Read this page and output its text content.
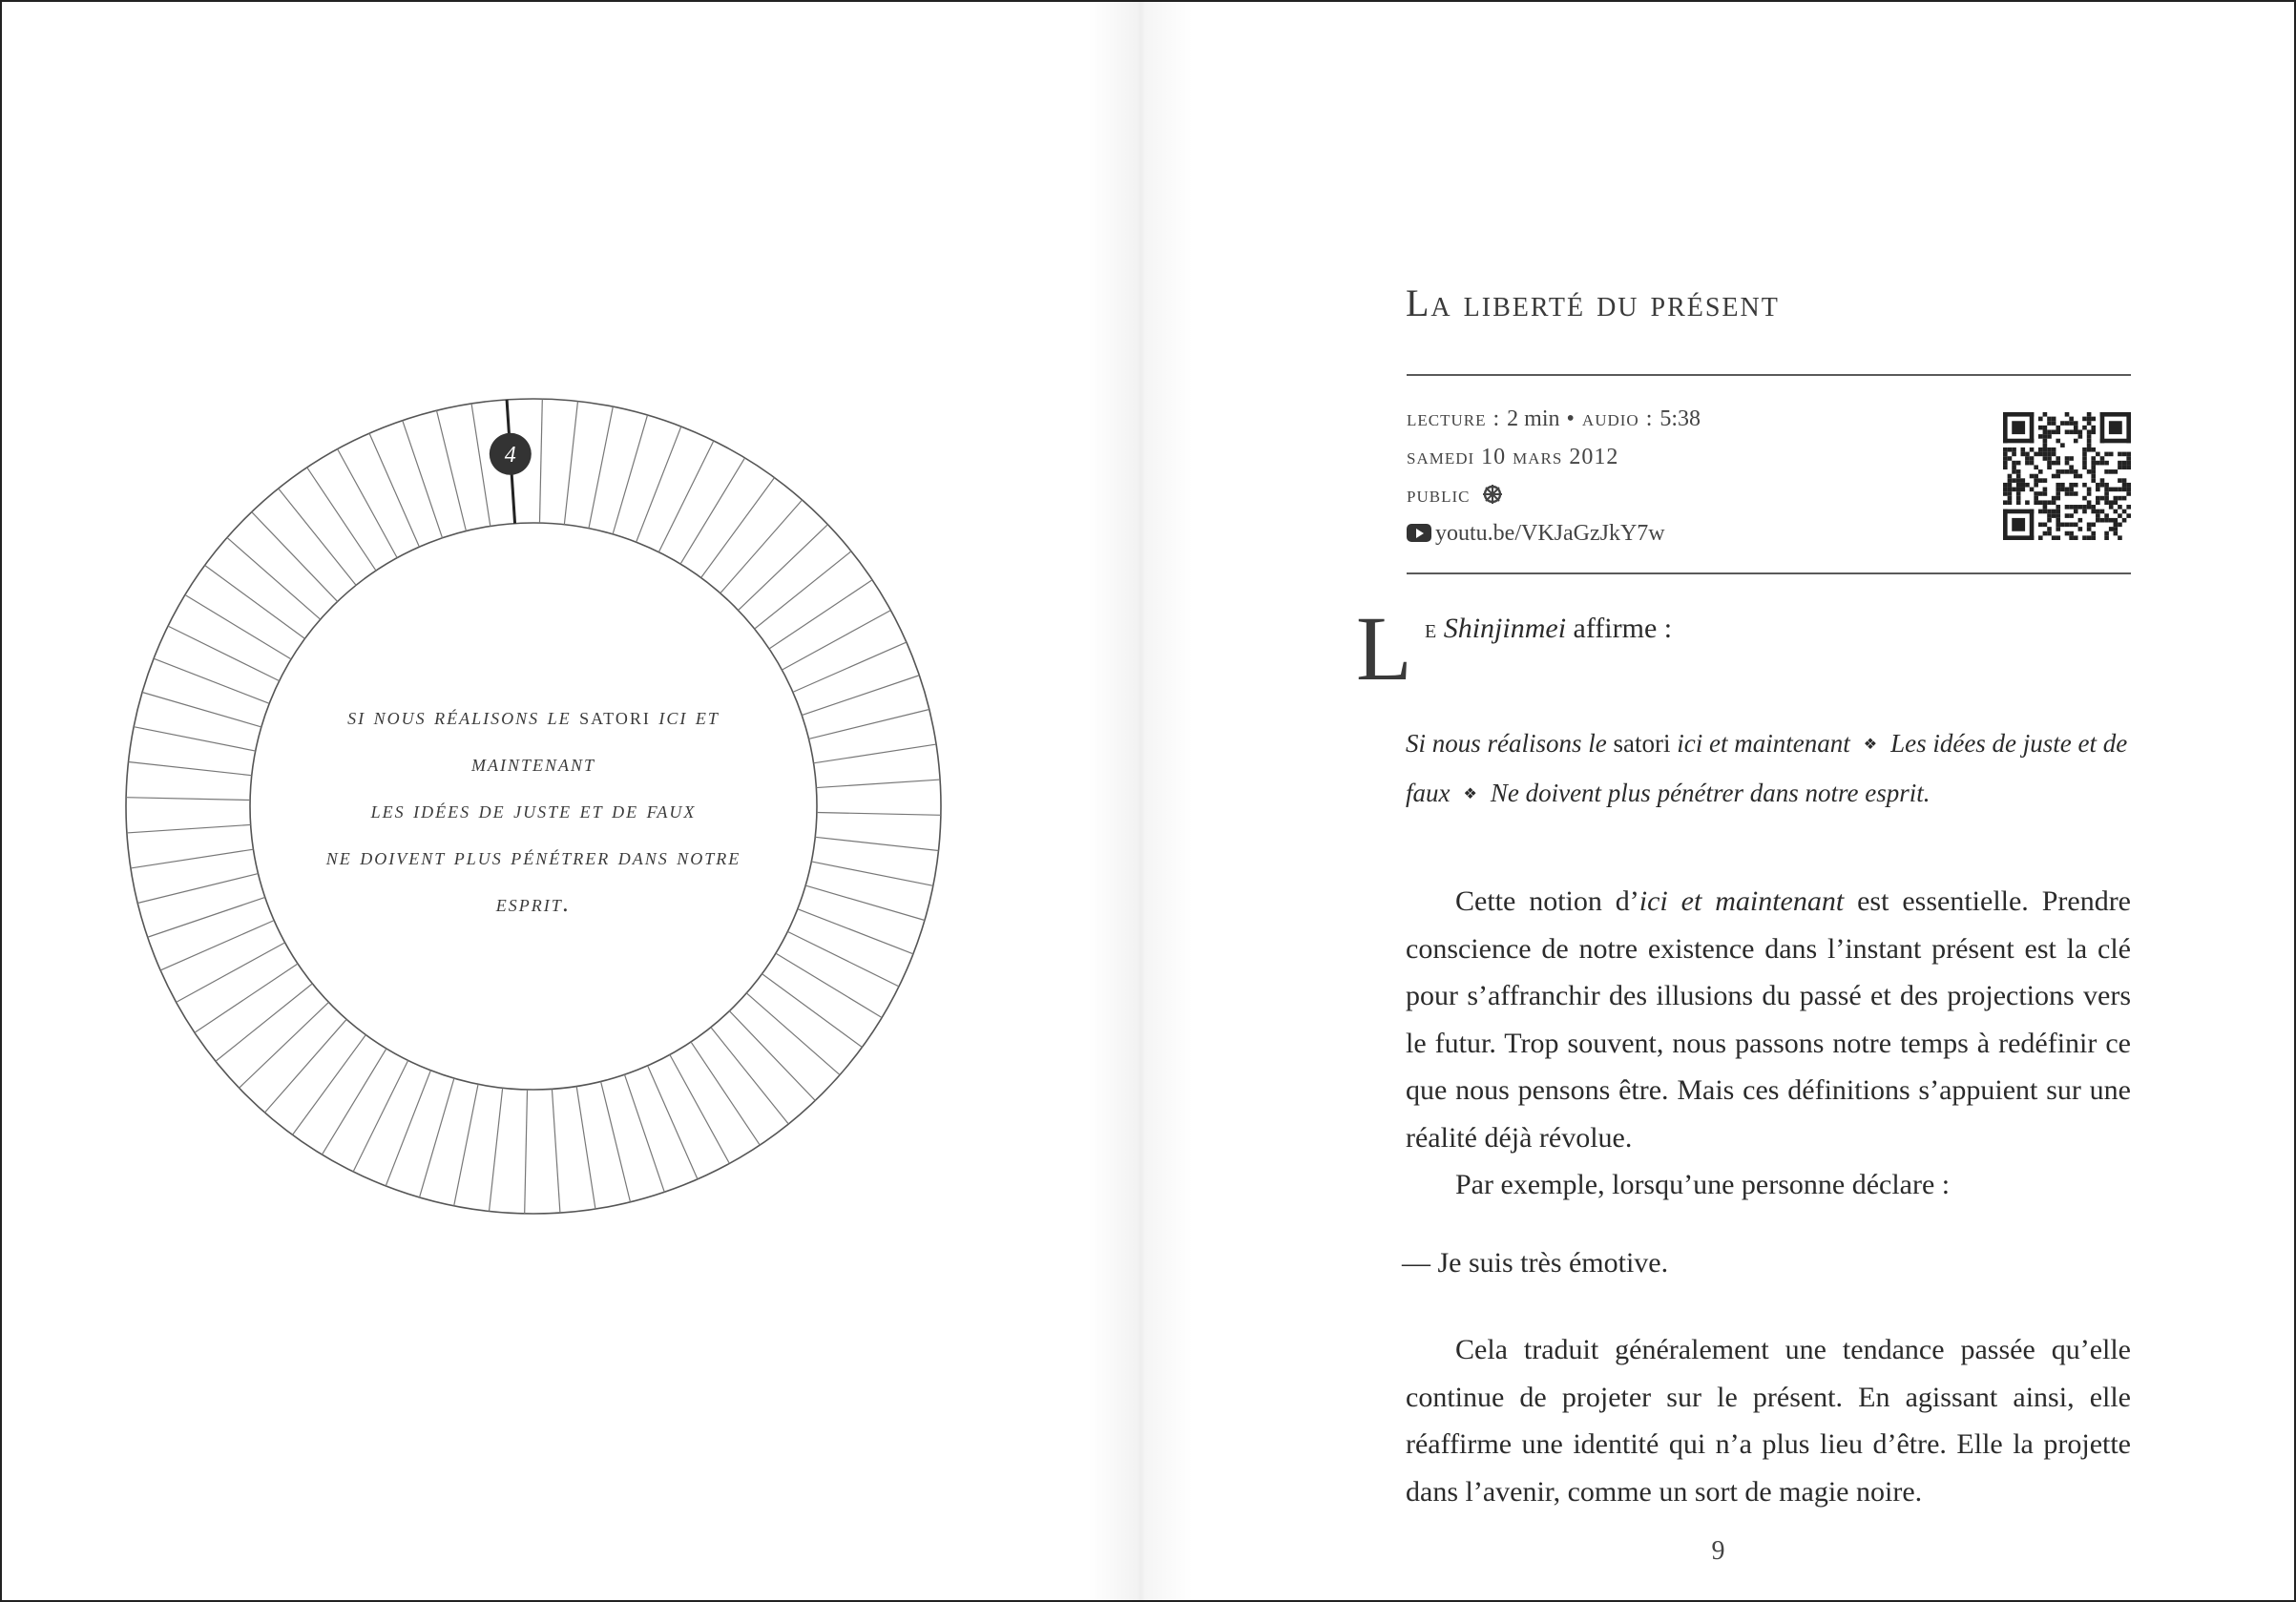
4
si nous réalisons le satori ici et
maintenant
les idées de juste et de faux
ne doivent plus pénétrer dans notre
esprit.
La liberté du présent
lecture : 2 min • audio : 5:38
samedi 10 mars 2012
public
youtu.be/VKJaGzJkY7w
L e Shinjinmei affirme :
Si nous réalisons le satori ici et maintenant ❖ Les idées de juste et de faux ❖ Ne doivent plus pénétrer dans notre esprit.

Cette notion d’ici et maintenant est essentielle. Prendre conscience de notre existence dans l’instant présent est la clé pour s’affranchir des illusions du passé et des projections vers le futur. Trop souvent, nous passons notre temps à redéfinir ce que nous pensons être. Mais ces définitions s’appuient sur une réalité déjà révolue.

Par exemple, lorsqu’une personne déclare :

— Je suis très émotive.

Cela traduit généralement une tendance passée qu’elle continue de projeter sur le présent. En agissant ainsi, elle réaffirme une identité qui n’a plus lieu d’être. Elle la projette dans l’avenir, comme un sort de magie noire.

9
